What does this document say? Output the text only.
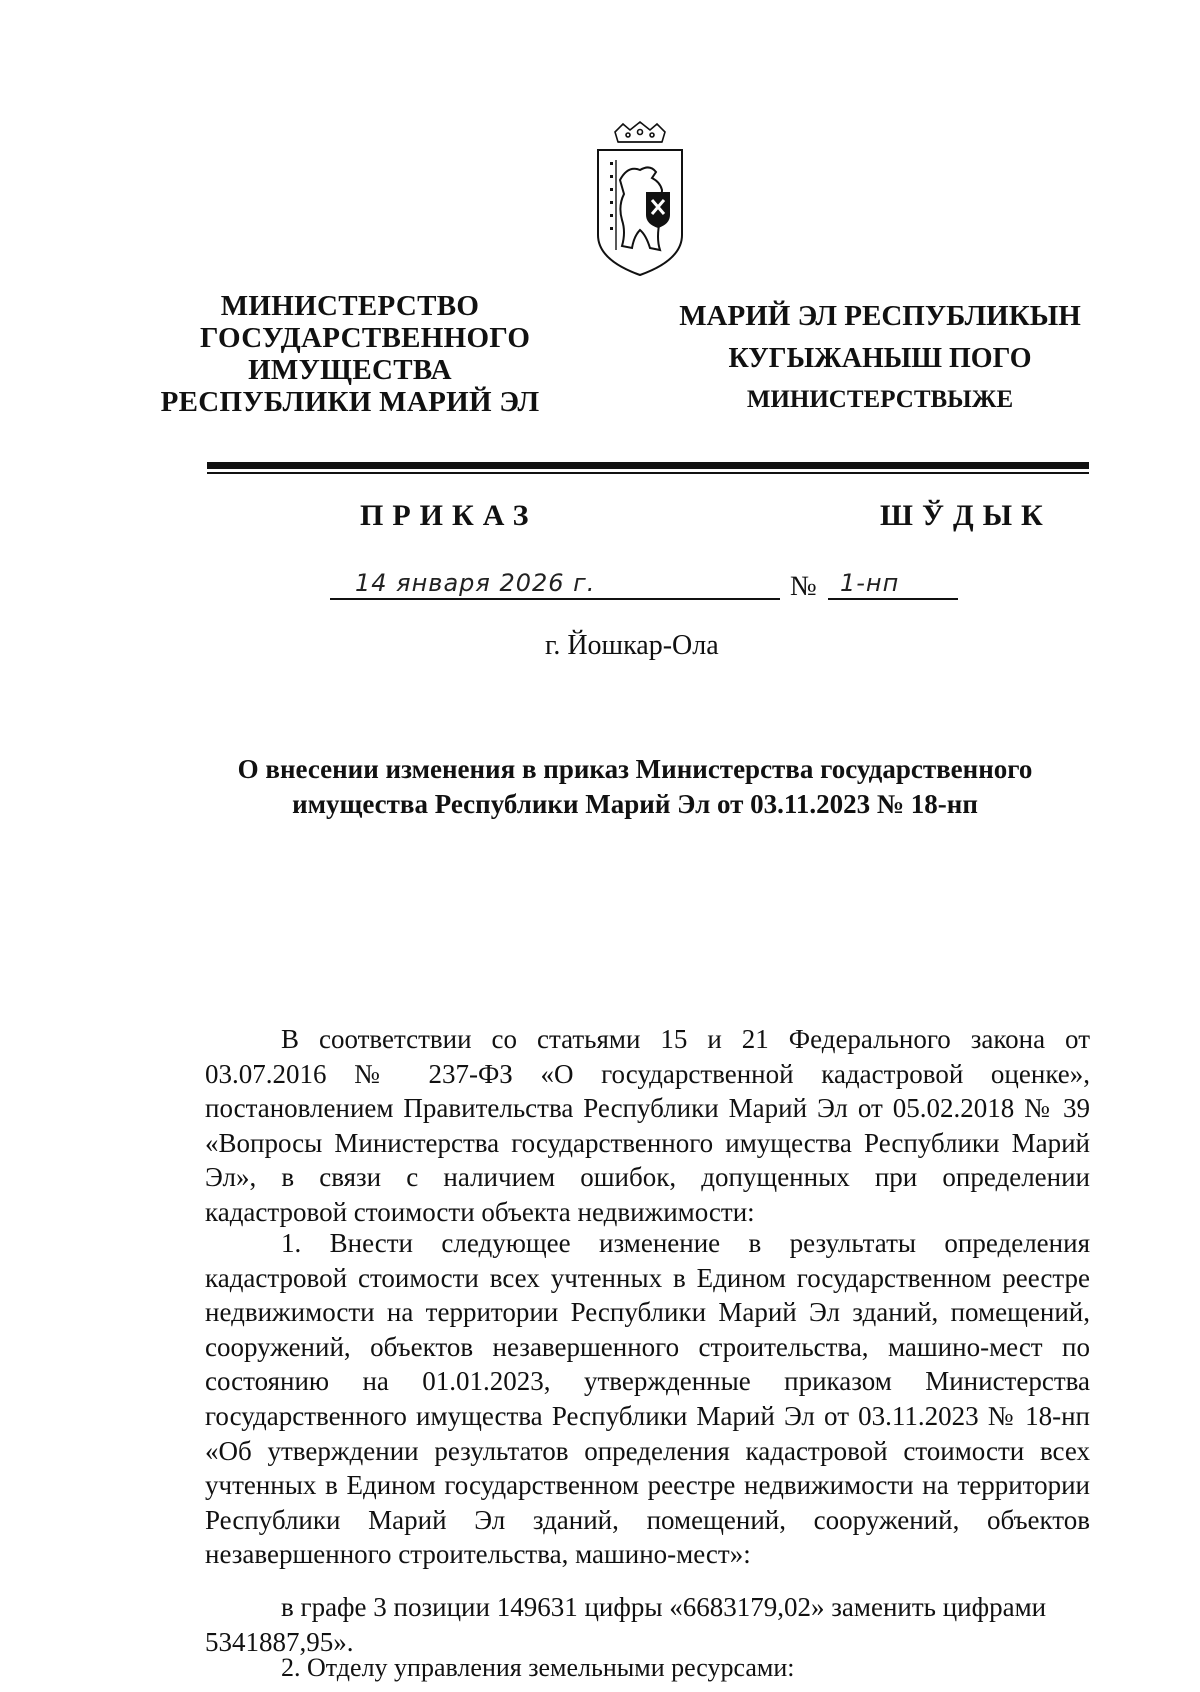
МИНИСТЕРСТВО
ГОСУДАРСТВЕННОГО
ИМУЩЕСТВА
РЕСПУБЛИКИ МАРИЙ ЭЛ
МАРИЙ ЭЛ РЕСПУБЛИКЫН
КУГЫЖАНЫШ ПОГО
МИНИСТЕРСТВЫЖЕ
ПРИКАЗ	ШЎДЫК
14 января 2026 г.	№ 1-нп
г. Йошкар-Ола
О внесении изменения в приказ Министерства государственного
имущества Республики Марий Эл от 03.11.2023 № 18-нп

В соответствии со статьями 15 и 21 Федерального закона от 03.07.2016 № 237-ФЗ «О государственной кадастровой оценке», постановлением Правительства Республики Марий Эл от 05.02.2018 № 39 «Вопросы Министерства государственного имущества Республики Марий Эл», в связи с наличием ошибок, допущенных при определении кадастровой стоимости объекта недвижимости:

1. Внести следующее изменение в результаты определения кадастровой стоимости всех учтенных в Едином государственном реестре недвижимости на территории Республики Марий Эл зданий, помещений, сооружений, объектов незавершенного строительства, машино-мест по состоянию на 01.01.2023, утвержденные приказом Министерства государственного имущества Республики Марий Эл от 03.11.2023 № 18-нп «Об утверждении результатов определения кадастровой стоимости всех учтенных в Едином государственном реестре недвижимости на территории Республики Марий Эл зданий, помещений, сооружений, объектов незавершенного строительства, машино-мест»:

в графе 3 позиции 149631 цифры «6683179,02» заменить цифрами

5341887,95».

2. Отделу управления земельными ресурсами:
